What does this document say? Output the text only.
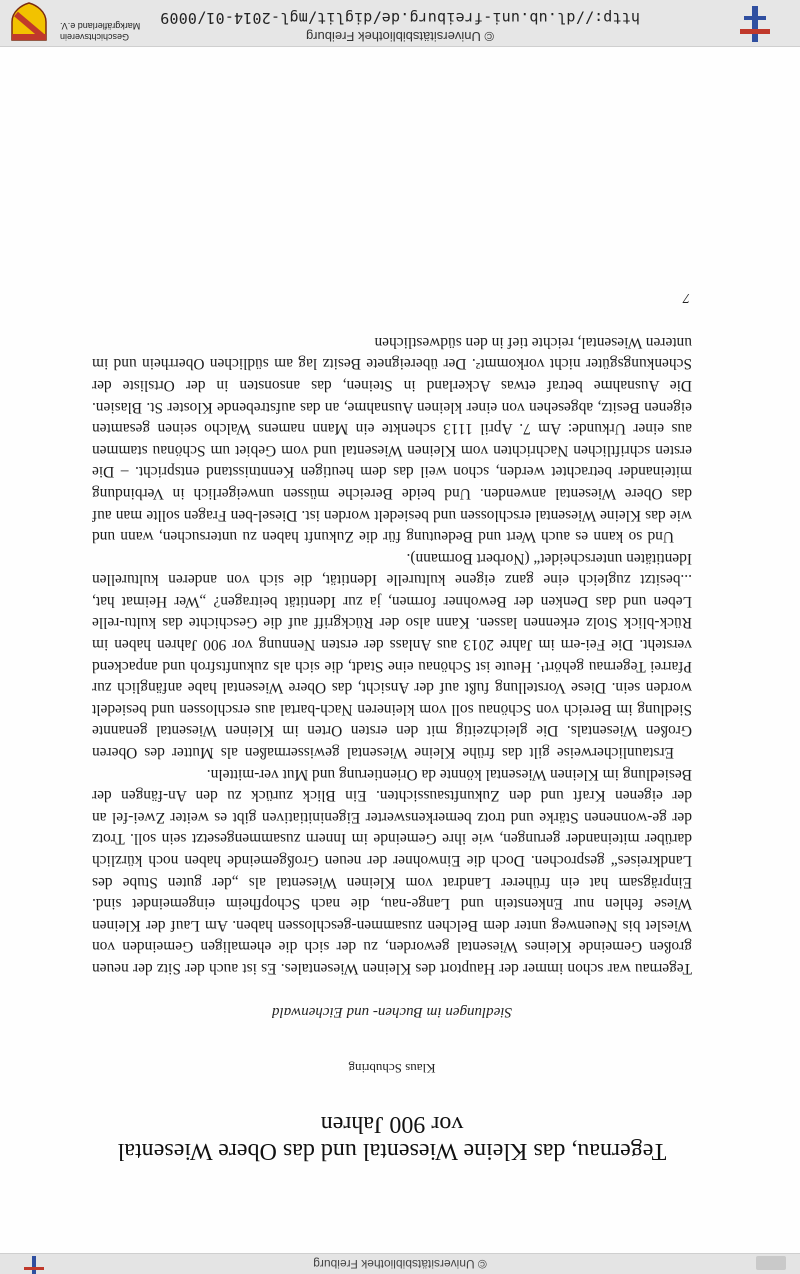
© Universitätsbibliothek Freiburg
Tegernau, das Kleine Wiesental und das Obere Wiesental
vor 900 Jahren
Klaus Schubring
Siedlungen im Buchen- und Eichenwald

Tegernau war schon immer der Hauptort des Kleinen Wiesentales. Es ist auch der Sitz der neuen großen Gemeinde Kleines Wiesental geworden, zu der sich die ehemaligen Gemeinden von Wieslet bis Neuenweg unter dem Belchen zusammen-geschlossen haben. Am Lauf der Kleinen Wiese fehlen nur Enkenstein und Lange-nau, die nach Schopfheim eingemeindet sind. Einprägsam hat ein früherer Landrat vom Kleinen Wiesental als „der guten Stube des Landkreises“ gesprochen. Doch die Einwohner der neuen Großgemeinde haben noch kürzlich darüber miteinander gerungen, wie ihre Gemeinde im Innern zusammengesetzt sein soll. Trotz der ge-wonnenen Stärke und trotz bemerkenswerter Eigeninitiativen gibt es weiter Zwei-fel an der eigenen Kraft und den Zukunftsaussichten. Ein Blick zurück zu den An-fängen der Besiedlung im Kleinen Wiesental könnte da Orientierung und Mut ver-mitteln.

Erstaunlicherweise gilt das frühe Kleine Wiesental gewissermaßen als Mutter des Oberen Großen Wiesentals. Die gleichzeitig mit den ersten Orten im Kleinen Wiesental genannte Siedlung im Bereich von Schönau soll vom kleineren Nach-bartal aus erschlossen und besiedelt worden sein. Diese Vorstellung fußt auf der Ansicht, das Obere Wiesental habe anfänglich zur Pfarrei Tegernau gehört¹. Heute ist Schönau eine Stadt, die sich als zukunftsfroh und anpackend versteht. Die Fei-ern im Jahre 2013 aus Anlass der ersten Nennung vor 900 Jahren haben im Rück-blick Stolz erkennen lassen. Kann also der Rückgriff auf die Geschichte das kultu-relle Leben und das Denken der Bewohner formen, ja zur Identität beitragen? „Wer Heimat hat, ...besitzt zugleich eine ganz eigene kulturelle Identität, die sich von anderen kulturellen Identitäten unterscheidet“ (Norbert Bormann).

Und so kann es auch Wert und Bedeutung für die Zukunft haben zu untersuchen, wann und wie das Kleine Wiesental erschlossen und besiedelt worden ist. Diesel-ben Fragen sollte man auf das Obere Wiesental anwenden. Und beide Bereiche müssen unweigerlich in Verbindung miteinander betrachtet werden, schon weil das dem heutigen Kenntnisstand entspricht. – Die ersten schriftlichen Nachrichten vom Kleinen Wiesental und vom Gebiet um Schönau stammen aus einer Urkunde: Am 7. April 1113 schenkte ein Mann namens Walcho seinen gesamten eigenen Besitz, abgesehen von einer kleinen Ausnahme, an das aufstrebende Kloster St. Blasien. Die Ausnahme betraf etwas Ackerland in Steinen, das ansonsten in der Ortsliste der Schenkungsgüter nicht vorkommt². Der übereignete Besitz lag am südlichen Oberrhein und im unteren Wiesental, reichte tief in den südwestlichen

7
© Universitätsbibliothek Freiburg
http://dl.ub.uni-freiburg.de/diglit/mgl-2014-01/0009
Geschichtsverein
Markgräflerland e.V.
